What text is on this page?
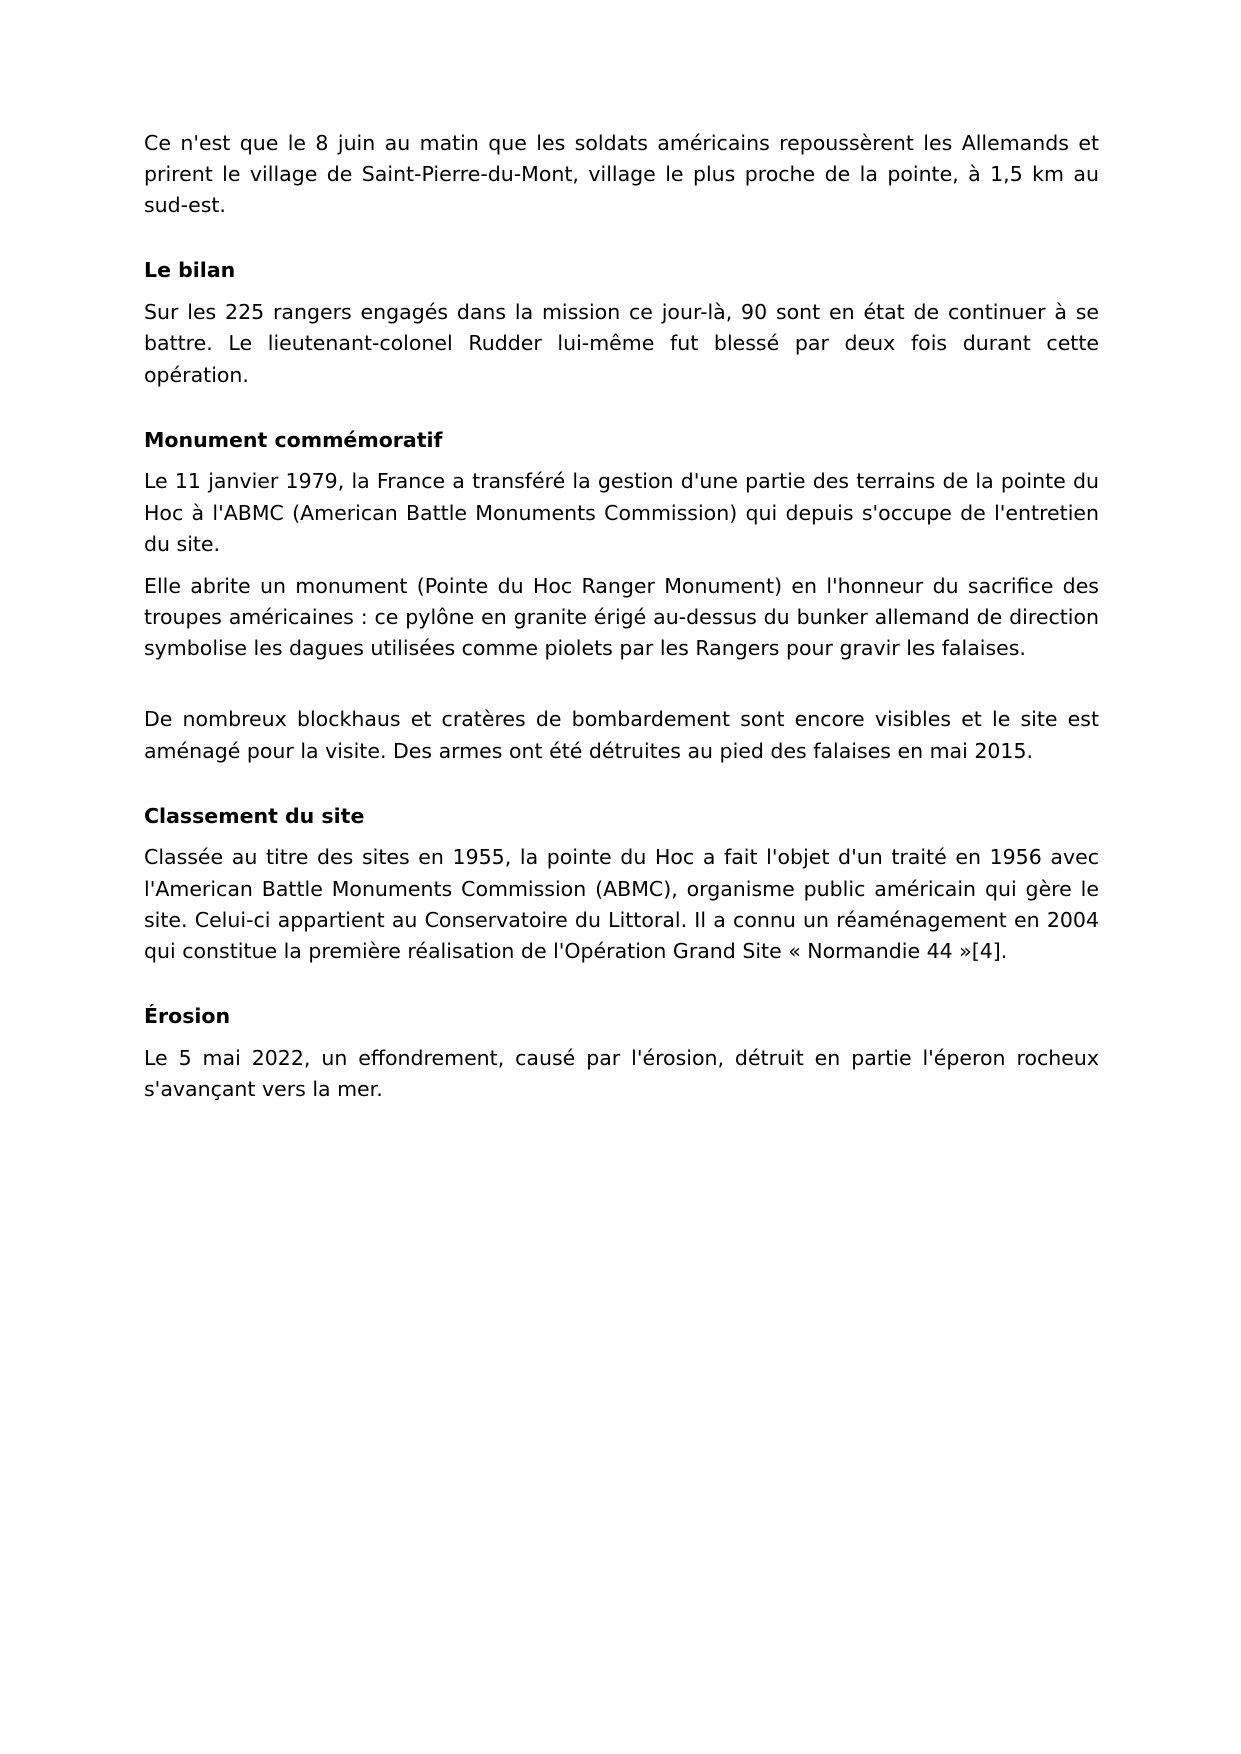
Ce n'est que le 8 juin au matin que les soldats américains repoussèrent les Allemands et prirent le village de Saint-Pierre-du-Mont, village le plus proche de la pointe, à 1,5 km au sud-est.

Le bilan

Sur les 225 rangers engagés dans la mission ce jour-là, 90 sont en état de continuer à se battre. Le lieutenant-colonel Rudder lui-même fut blessé par deux fois durant cette opération.

Monument commémoratif

Le 11 janvier 1979, la France a transféré la gestion d'une partie des terrains de la pointe du Hoc à l'ABMC (American Battle Monuments Commission) qui depuis s'occupe de l'entretien du site.

Elle abrite un monument (Pointe du Hoc Ranger Monument) en l'honneur du sacrifice des troupes américaines : ce pylône en granite érigé au-dessus du bunker allemand de direction symbolise les dagues utilisées comme piolets par les Rangers pour gravir les falaises.

De nombreux blockhaus et cratères de bombardement sont encore visibles et le site est aménagé pour la visite. Des armes ont été détruites au pied des falaises en mai 2015.

Classement du site

Classée au titre des sites en 1955, la pointe du Hoc a fait l'objet d'un traité en 1956 avec l'American Battle Monuments Commission (ABMC), organisme public américain qui gère le site. Celui-ci appartient au Conservatoire du Littoral. Il a connu un réaménagement en 2004 qui constitue la première réalisation de l'Opération Grand Site « Normandie 44 »[4].

Érosion

Le 5 mai 2022, un effondrement, causé par l'érosion, détruit en partie l'éperon rocheux s'avançant vers la mer.
